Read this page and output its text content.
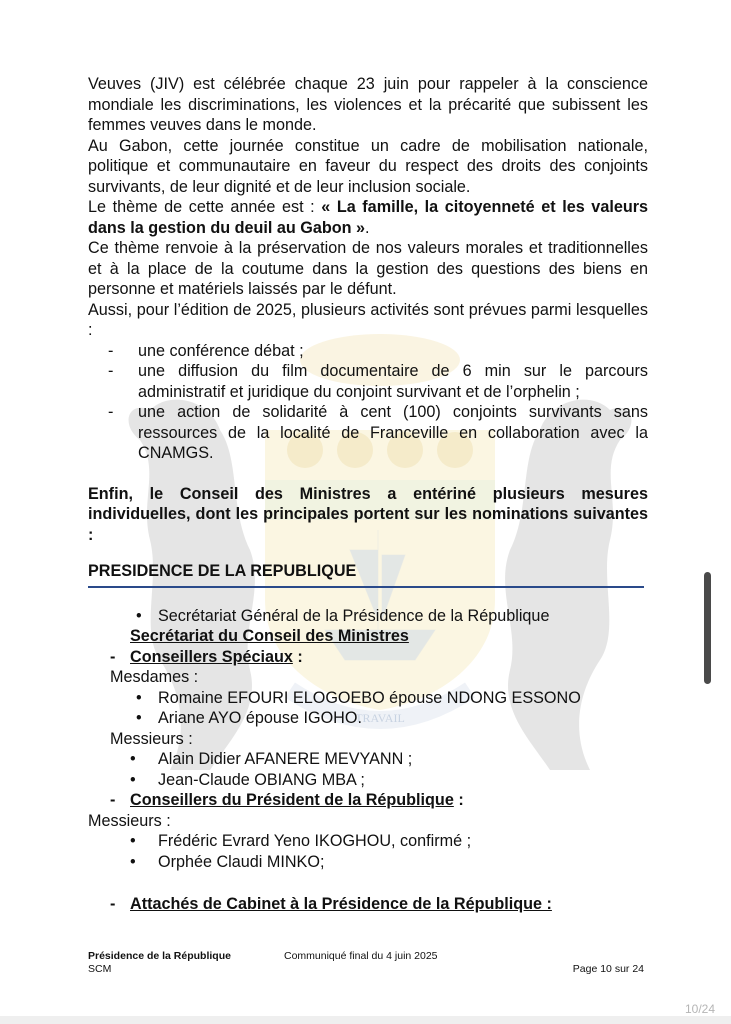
TRAVAIL

Veuves (JIV) est célébrée chaque 23 juin pour rappeler à la conscience mondiale les discriminations, les violences et la précarité que subissent les femmes veuves dans le monde.

Au Gabon, cette journée constitue un cadre de mobilisation nationale, politique et communautaire en faveur du respect des droits des conjoints survivants, de leur dignité et de leur inclusion sociale.

Le thème de cette année est : « La famille, la citoyenneté et les valeurs dans la gestion du deuil au Gabon ».

Ce thème renvoie à la préservation de nos valeurs morales et traditionnelles et à la place de la coutume dans la gestion des questions des biens en personne et matériels laissés par le défunt.

Aussi, pour l’édition de 2025, plusieurs activités sont prévues parmi lesquelles :

- une conférence débat ;
- une diffusion du film documentaire de 6 min sur le parcours administratif et juridique du conjoint survivant et de l’orphelin ;
- une action de solidarité à cent (100) conjoints survivants sans ressources de la localité de Franceville en collaboration avec la CNAMGS.

Enfin, le Conseil des Ministres a entériné plusieurs mesures individuelles, dont les principales portent sur les nominations suivantes :

PRESIDENCE DE LA REPUBLIQUE
• Secrétariat Général de la Présidence de la République
Secrétariat du Conseil des Ministres
- Conseillers Spéciaux :
Mesdames :
• Romaine EFOURI ELOGOEBO épouse NDONG ESSONO
• Ariane AYO épouse IGOHO.
Messieurs :
• Alain Didier AFANERE MEVYANN ;
• Jean-Claude OBIANG MBA ;
- Conseillers du Président de la République :
Messieurs :
• Frédéric Evrard Yeno IKOGHOU, confirmé ;
• Orphée Claudi MINKO;
- Attachés de Cabinet à la Présidence de la République :
Présidence de la République
SCM
Communiqué final du 4 juin 2025
Page 10 sur 24
10/24
